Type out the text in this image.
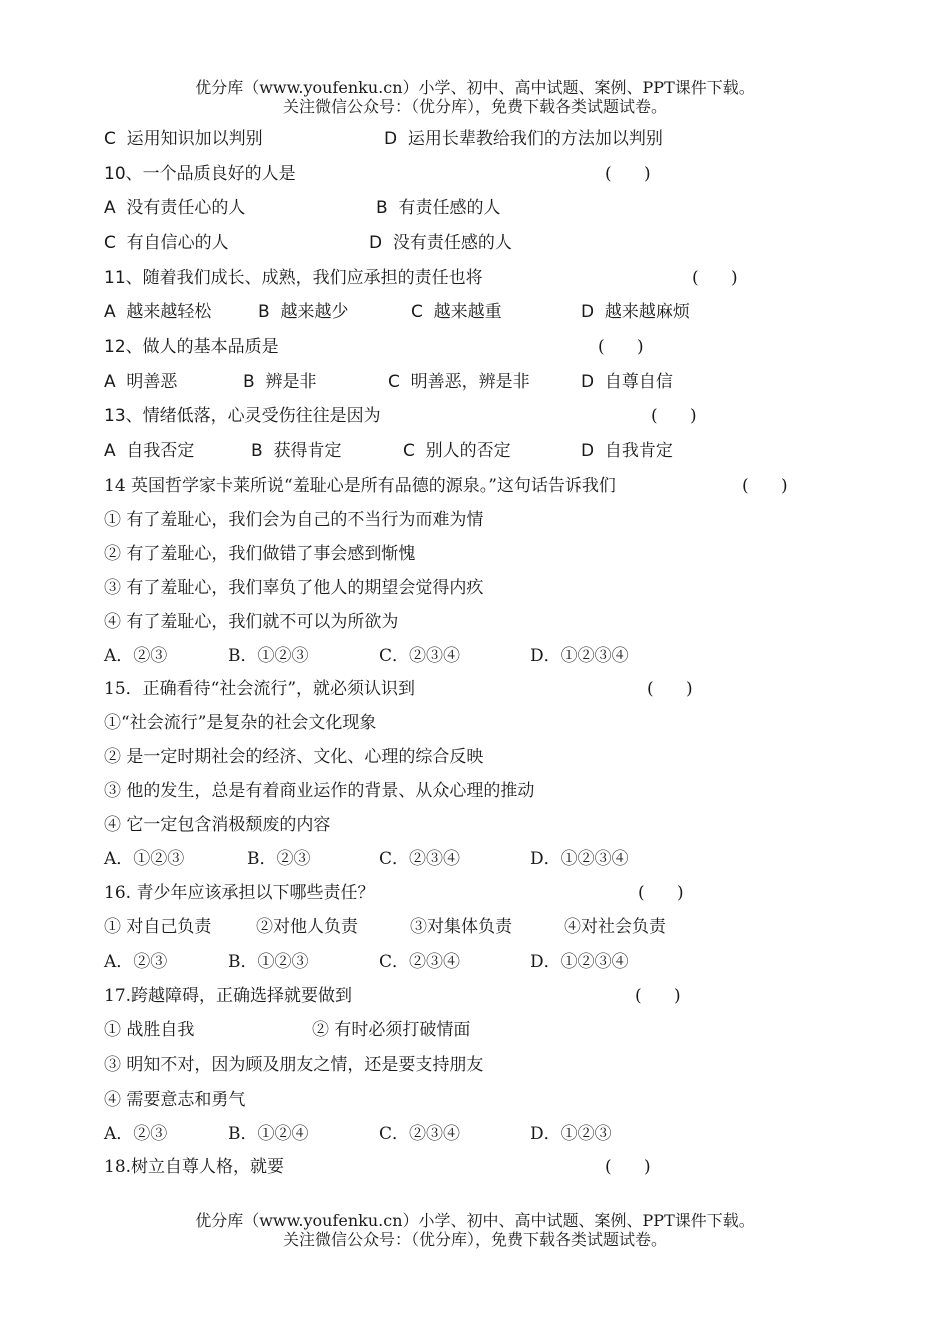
优分库（www.youfenku.cn）小学、初中、高中试题、案例、PPT课件下载。
关注微信公众号：（优分库），免费下载各类试题试卷。
C  运用知识加以判别	D  运用长辈教给我们的方法加以判别
10、一个品质良好的人是	(      )
A  没有责任心的人	B  有责任感的人
C  有自信心的人	D  没有责任感的人
11、随着我们成长、成熟，我们应承担的责任也将	(      )
A  越来越轻松	B  越来越少	C  越来越重	D  越来越麻烦
12、做人的基本品质是	(      )
A  明善恶	B  辨是非	C  明善恶，辨是非	D  自尊自信
13、情绪低落，心灵受伤往往是因为	(      )
A  自我否定	B  获得肯定	C  别人的否定	D  自我肯定
14 英国哲学家卡莱所说“羞耻心是所有品德的源泉。”这句话告诉我们	(      )
① 有了羞耻心，我们会为自己的不当行为而难为情
② 有了羞耻心，我们做错了事会感到惭愧
③ 有了羞耻心，我们辜负了他人的期望会觉得内疚
④ 有了羞耻心，我们就不可以为所欲为
A．②③	B．①②③	C．②③④	D．①②③④
15．正确看待“社会流行”，就必须认识到	(      )
①“社会流行”是复杂的社会文化现象
② 是一定时期社会的经济、文化、心理的综合反映
③ 他的发生，总是有着商业运作的背景、从众心理的推动
④ 它一定包含消极颓废的内容
A．①②③	B．②③	C．②③④	D．①②③④
16. 青少年应该承担以下哪些责任？	(      )
① 对自己负责	②对他人负责	③对集体负责	④对社会负责
A．②③	B．①②③	C．②③④	D．①②③④
17.跨越障碍，正确选择就要做到	(      )
① 战胜自我	② 有时必须打破情面
③ 明知不对，因为顾及朋友之情，还是要支持朋友
④ 需要意志和勇气
A．②③	B．①②④	C．②③④	D．①②③
18.树立自尊人格，就要	(      )
优分库（www.youfenku.cn）小学、初中、高中试题、案例、PPT课件下载。
关注微信公众号：（优分库），免费下载各类试题试卷。
